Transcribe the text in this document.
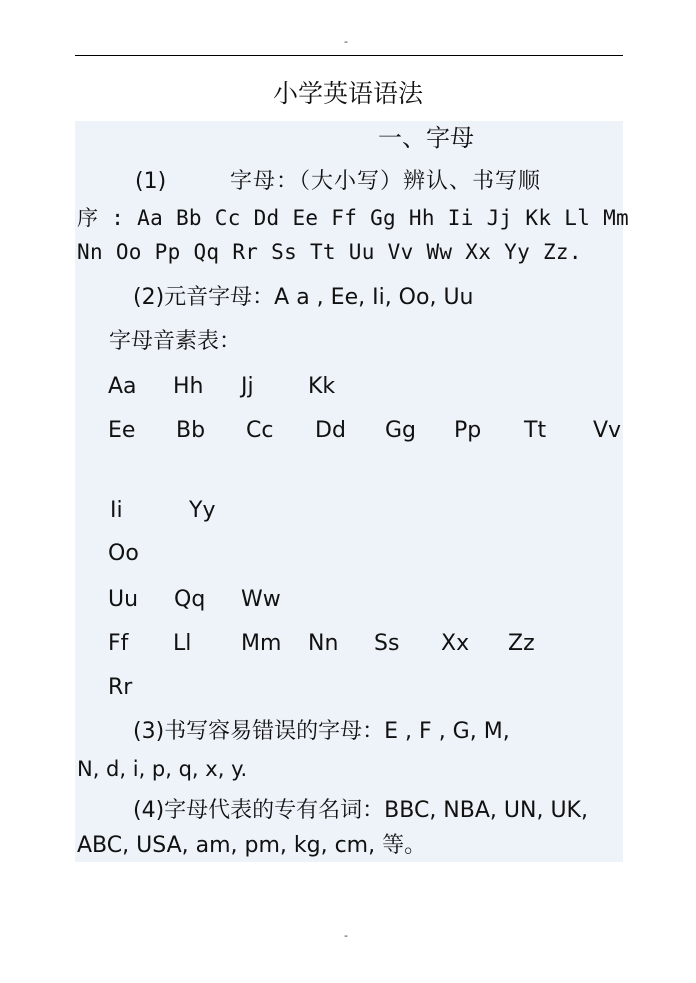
-
小学英语语法
一、字母
(1)	字母：（大小写）辨认、书写顺
序 : Aa Bb Cc Dd Ee Ff Gg Hh Ii Jj Kk Ll Mm
Nn Oo Pp Qq Rr Ss Tt Uu Vv Ww Xx Yy Zz.
(2)元音字母：A a , Ee, Ii, Oo, Uu
字母音素表：
Aa Hh Jj Kk
Ee Bb Cc Dd Gg Pp Tt Vv
Ii	Yy
Oo
Uu Qq Ww
Ff Ll Mm Nn Ss Xx Zz
Rr
(3)书写容易错误的字母：E , F , G, M,
N, d, i, p, q, x, y.
(4)字母代表的专有名词：BBC, NBA, UN, UK,
ABC, USA, am, pm, kg, cm, 等。
-
